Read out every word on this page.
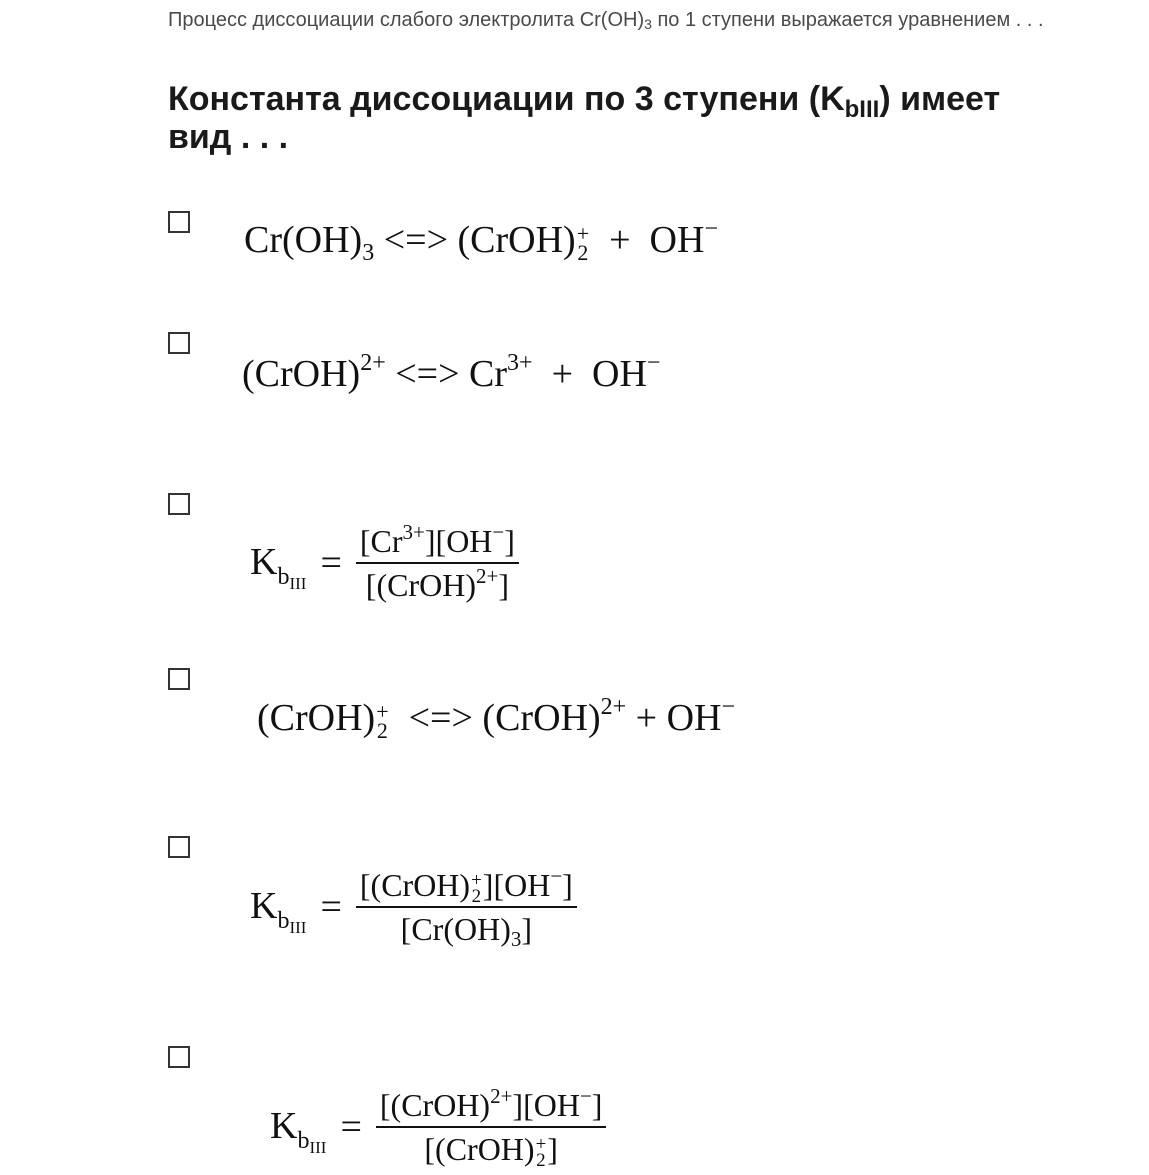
Процесс диссоциации слабого электролита $Cr(OH)_3$ по 1 ступени выражается уравнением . . .
Константа диссоциации по 3 ступени $(K_{bIII})$ имеет вид . . .
$Cr(OH)_3$ <=> (CrOH) +
2 +  OH−
(CrOH)$^{2+}$ <=> $Cr^{3+} + OH^-$
$K_{b_{III}} = \frac{[Cr^{3+}][OH^-]}{[(CrOH)^{2+}]}$
(CrOH) +
2 <=> (CrOH)$^{2+}$ + OH−
$K_{b_{III}}$ = [(CrOH) +
2 ][OH−]
$[Cr(OH)_3]$
$K_{b_{III}}$ = [(CrOH)$^{2+}$][OH−]
[(CrOH) +
2 ]
